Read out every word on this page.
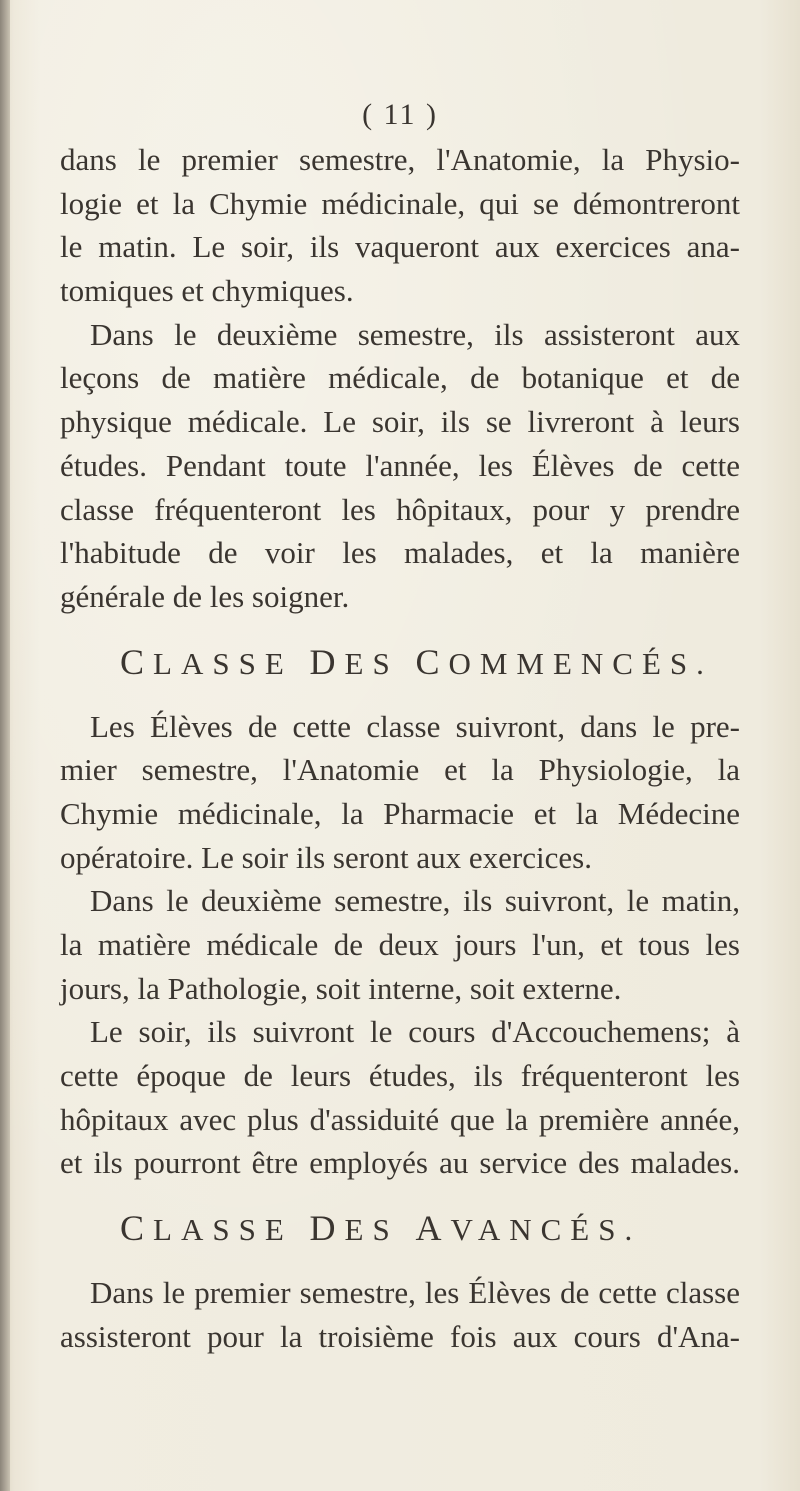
( 11 )
dans le premier semestre, l'Anatomie, la Physio-
logie et la Chymie médicinale, qui se démontreront
le matin. Le soir, ils vaqueront aux exercices ana-
tomiques et chymiques.
Dans le deuxième semestre, ils assisteront aux
leçons de matière médicale, de botanique et de
physique médicale. Le soir, ils se livreront à leurs
études. Pendant toute l'année, les Élèves de cette
classe fréquenteront les hôpitaux, pour y prendre
l'habitude de voir les malades, et la manière
générale de les soigner.
CLASSE DES COMMENCÉS.
Les Élèves de cette classe suivront, dans le pre-
mier semestre, l'Anatomie et la Physiologie, la
Chymie médicinale, la Pharmacie et la Médecine
opératoire. Le soir ils seront aux exercices.
Dans le deuxième semestre, ils suivront, le matin,
la matière médicale de deux jours l'un, et tous les
jours, la Pathologie, soit interne, soit externe.
Le soir, ils suivront le cours d'Accouchemens; à
cette époque de leurs études, ils fréquenteront les
hôpitaux avec plus d'assiduité que la première année,
et ils pourront être employés au service des malades.
CLASSE DES AVANCÉS.
Dans le premier semestre, les Élèves de cette classe
assisteront pour la troisième fois aux cours d'Ana-
